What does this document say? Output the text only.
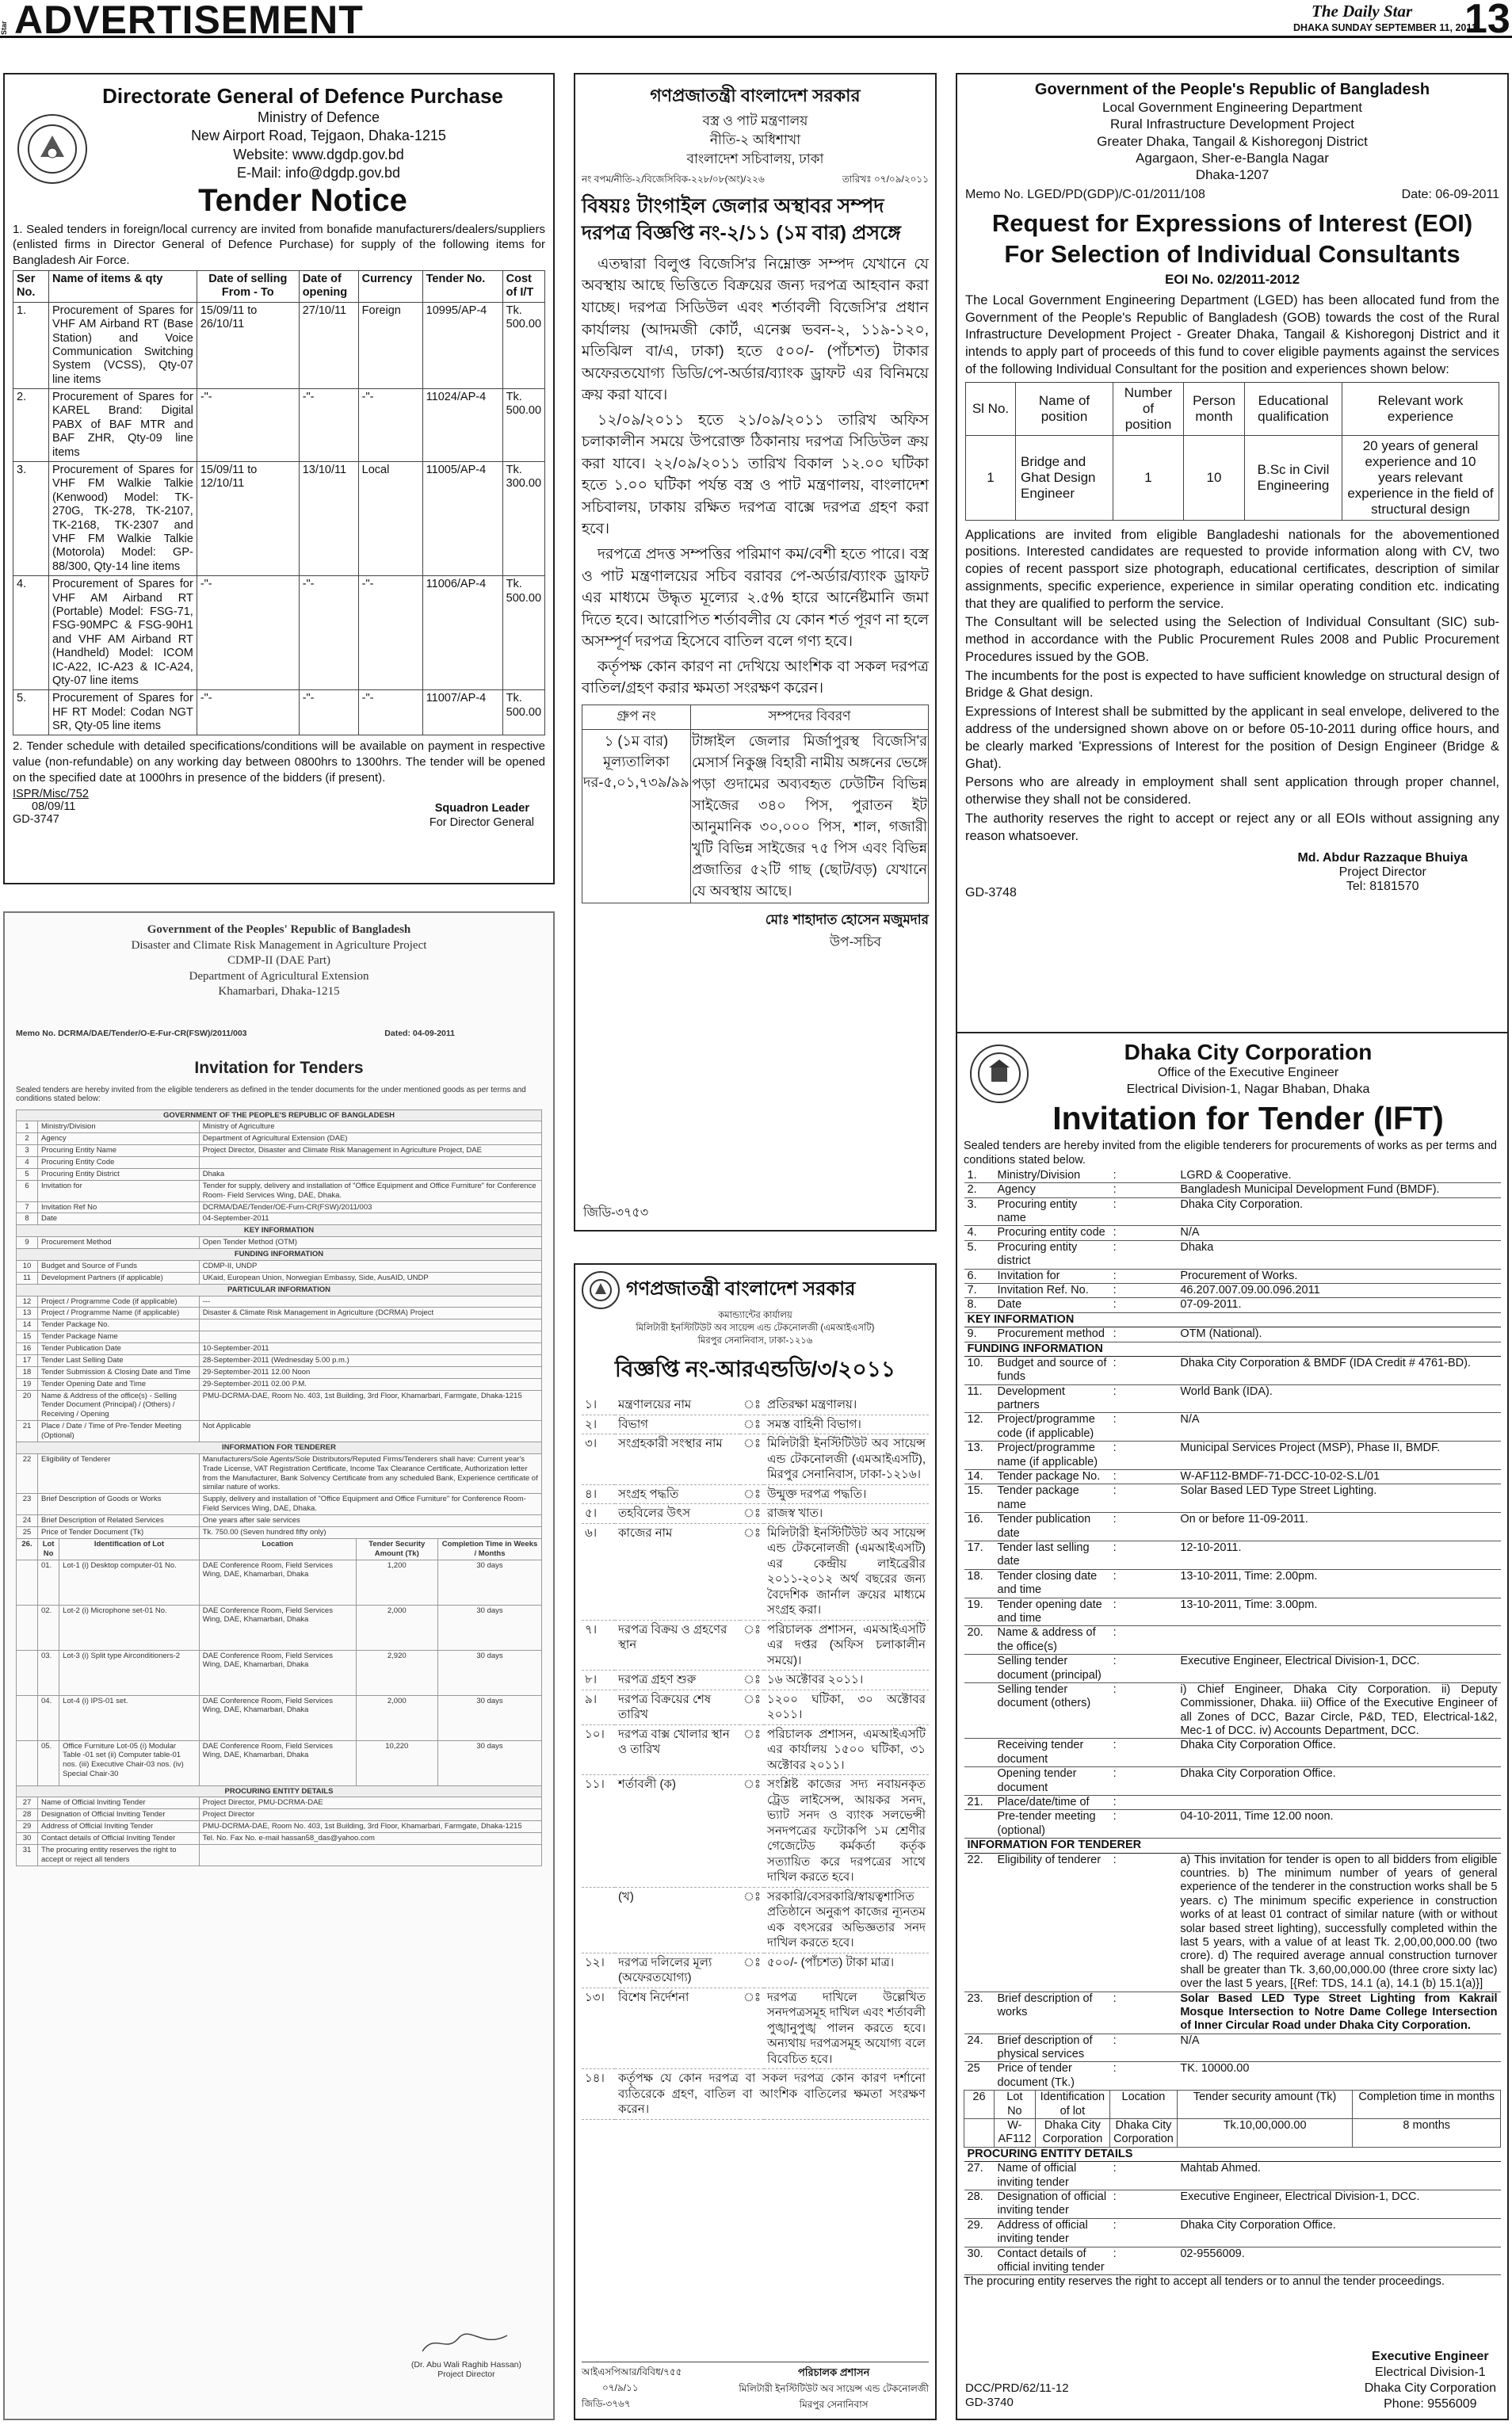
Star ADVERTISEMENT	The Daily Star
DHAKA SUNDAY SEPTEMBER 11, 2011
13
Directorate General of Defence Purchase
Ministry of Defence
New Airport Road, Tejgaon, Dhaka-1215
Website: www.dgdp.gov.bd
E-Mail: info@dgdp.gov.bd
Tender Notice

1. Sealed tenders in foreign/local currency are invited from bonafide manufacturers/dealers/suppliers (enlisted firms in Director General of Defence Purchase) for supply of the following items for Bangladesh Air Force.

Ser No.	Name of items & qty	Date of selling From - To	Date of opening	Currency	Tender No.	Cost of I/T
1.	Procurement of Spares for VHF AM Airband RT (Base Station) and Voice Communication Switching System (VCSS), Qty-07 line items	15/09/11 to 26/10/11	27/10/11	Foreign	10995/AP-4	Tk. 500.00
2.	Procurement of Spares for KAREL Brand: Digital PABX of BAF MTR and BAF ZHR, Qty-09 line items	-"-	-"-	-"-	11024/AP-4	Tk. 500.00
3.	Procurement of Spares for VHF FM Walkie Talkie (Kenwood) Model: TK-270G, TK-278, TK-2107, TK-2168, TK-2307 and VHF FM Walkie Talkie (Motorola) Model: GP-88/300, Qty-14 line items	15/09/11 to 12/10/11	13/10/11	Local	11005/AP-4	Tk. 300.00
4.	Procurement of Spares for VHF AM Airband RT (Portable) Model: FSG-71, FSG-90MPC & FSG-90H1 and VHF AM Airband RT (Handheld) Model: ICOM IC-A22, IC-A23 & IC-A24, Qty-07 line items	-"-	-"-	-"-	11006/AP-4	Tk. 500.00
5.	Procurement of Spares for HF RT Model: Codan NGT SR, Qty-05 line items	-"-	-"-	-"-	11007/AP-4	Tk. 500.00

2. Tender schedule with detailed specifications/conditions will be available on payment in respective value (non-refundable) on any working day between 0800hrs to 1300hrs. The tender will be opened on the specified date at 1000hrs in presence of the bidders (if present).

ISPR/Misc/752
08/09/11
GD-3747
Squadron Leader
For Director General
Government of the Peoples' Republic of Bangladesh
Disaster and Climate Risk Management in Agriculture Project
CDMP-II (DAE Part)
Department of Agricultural Extension
Khamarbari, Dhaka-1215
Memo No. DCRMA/DAE/Tender/O-E-Fur-CR(FSW)/2011/003	Dated: 04-09-2011
Invitation for Tenders
Sealed tenders are hereby invited from the eligible tenderers as defined in the tender documents for the under mentioned goods as per terms and conditions stated below:
GOVERNMENT OF THE PEOPLE'S REPUBLIC OF BANGLADESH					
1	Ministry/Division		Ministry of Agriculture		
2	Agency		Department of Agricultural Extension (DAE)		
3	Procuring Entity Name		Project Director, Disaster and Climate Risk Management in Agriculture Project, DAE		
4	Procuring Entity Code				
5	Procuring Entity District		Dhaka		
6	Invitation for		Tender for supply, delivery and installation of "Office Equipment and Office Furniture" for Conference Room- Field Services Wing, DAE, Dhaka.		
7	Invitation Ref No		DCRMA/DAE/Tender/OE-Furn-CR(FSW)/2011/003		
8	Date		04-September-2011		
KEY INFORMATION					
9	Procurement Method		Open Tender Method (OTM)		
FUNDING INFORMATION					
10	Budget and Source of Funds		CDMP-II, UNDP		
11	Development Partners (if applicable)		UKaid, European Union, Norwegian Embassy, Side, AusAID, UNDP		
PARTICULAR INFORMATION					
12	Project / Programme Code (if applicable)		---		
13	Project / Programme Name (if applicable)		Disaster & Climate Risk Management in Agriculture (DCRMA) Project		
14	Tender Package No.				
15	Tender Package Name				
16	Tender Publication Date		10-September-2011		
17	Tender Last Selling Date		28-September-2011 (Wednesday 5.00 p.m.)		
18	Tender Submission & Closing Date and Time		29-September-2011 12.00 Noon		
19	Tender Opening Date and Time		29-September-2011 02.00 P.M.		
20	Name & Address of the office(s) - Selling Tender Document (Principal) / (Others) / Receiving / Opening		PMU-DCRMA-DAE, Room No. 403, 1st Building, 3rd Floor, Khamarbari, Farmgate, Dhaka-1215		
21	Place / Date / Time of Pre-Tender Meeting (Optional)		Not Applicable		
INFORMATION FOR TENDERER					
22	Eligibility of Tenderer		Manufacturers/Sole Agents/Sole Distributors/Reputed Firms/Tenderers shall have: Current year's Trade License, VAT Registration Certificate, Income Tax Clearance Certificate, Authorization letter from the Manufacturer, Bank Solvency Certificate from any scheduled Bank, Experience certificate of similar nature of works.		
23	Brief Description of Goods or Works		Supply, delivery and installation of "Office Equipment and Office Furniture" for Conference Room-Field Services Wing, DAE, Dhaka.		
24	Brief Description of Related Services		One years after sale services		
25	Price of Tender Document (Tk)		Tk. 750.00 (Seven hundred fifty only)		
26.	Lot No	Identification of Lot	Location	Tender Security Amount (Tk)	Completion Time in Weeks / Months
	01.	Lot-1 (i) Desktop computer-01 No.	DAE Conference Room, Field Services Wing, DAE, Khamarbari, Dhaka	1,200	30 days
	02.	Lot-2 (i) Microphone set-01 No.	DAE Conference Room, Field Services Wing, DAE, Khamarbari, Dhaka	2,000	30 days
	03.	Lot-3 (i) Split type Airconditioners-2	DAE Conference Room, Field Services Wing, DAE, Khamarbari, Dhaka	2,920	30 days
	04.	Lot-4 (i) IPS-01 set.	DAE Conference Room, Field Services Wing, DAE, Khamarbari, Dhaka	2,000	30 days
	05.	Office Furniture Lot-05 (i) Modular Table -01 set (ii) Computer table-01 nos. (iii) Executive Chair-03 nos. (iv) Special Chair-30	DAE Conference Room, Field Services Wing, DAE, Khamarbari, Dhaka	10,220	30 days
PROCURING ENTITY DETAILS					
27	Name of Official Inviting Tender		Project Director, PMU-DCRMA-DAE		
28	Designation of Official Inviting Tender		Project Director		
29	Address of Official Inviting Tender		PMU-DCRMA-DAE, Room No. 403, 1st Building, 3rd Floor, Khamarbari, Farmgate, Dhaka-1215		
30	Contact details of Official Inviting Tender		Tel. No. Fax No. e-mail hassan58_das@yahoo.com		
31	The procuring entity reserves the right to accept or reject all tenders				
(Dr. Abu Wali Raghib Hassan)
Project Director
গণপ্রজাতন্ত্রী বাংলাদেশ সরকার
বস্ত্র ও পাট মন্ত্রণালয়
নীতি-২ অধিশাখা
বাংলাদেশ সচিবালয়, ঢাকা
নং বপম/নীতি-২/বিজেসিবিক-২২৮/০৮(অং)/২২৬	তারিখঃ ০৭/০৯/২০১১
বিষয়ঃ টাংগাইল জেলার অস্থাবর সম্পদ দরপত্র বিজ্ঞপ্তি নং-২/১১ (১ম বার) প্রসঙ্গে

এতদ্বারা বিলুপ্ত বিজেসি'র নিম্নোক্ত সম্পদ যেখানে যে অবস্থায় আছে ভিত্তিতে বিক্রয়ের জন্য দরপত্র আহবান করা যাচ্ছে। দরপত্র সিডিউল এবং শর্তাবলী বিজেসি'র প্রধান কার্যালয় (আদমজী কোর্ট, এনেক্স ভবন-২, ১১৯-১২০, মতিঝিল বা/এ, ঢাকা) হতে ৫০০/- (পাঁচশত) টাকার অফেরতযোগ্য ডিডি/পে-অর্ডার/ব্যাংক ড্রাফট এর বিনিময়ে ক্রয় করা যাবে।

১২/০৯/২০১১ হতে ২১/০৯/২০১১ তারিখ অফিস চলাকালীন সময়ে উপরোক্ত ঠিকানায় দরপত্র সিডিউল ক্রয় করা যাবে। ২২/০৯/২০১১ তারিখ বিকাল ১২.০০ ঘটিকা হতে ১.০০ ঘটিকা পর্যন্ত বস্ত্র ও পাট মন্ত্রণালয়, বাংলাদেশ সচিবালয়, ঢাকায় রক্ষিত দরপত্র বাক্সে দরপত্র গ্রহণ করা হবে।

দরপত্রে প্রদত্ত সম্পত্তির পরিমাণ কম/বেশী হতে পারে। বস্ত্র ও পাট মন্ত্রণালয়ের সচিব বরাবর পে-অর্ডার/ব্যাংক ড্রাফট এর মাধ্যমে উদ্ধৃত মূল্যের ২.৫% হারে আর্নেষ্টমানি জমা দিতে হবে। আরোপিত শর্তাবলীর যে কোন শর্ত পূরণ না হলে অসম্পূর্ণ দরপত্র হিসেবে বাতিল বলে গণ্য হবে।

কর্তৃপক্ষ কোন কারণ না দেখিয়ে আংশিক বা সকল দরপত্র বাতিল/গ্রহণ করার ক্ষমতা সংরক্ষণ করেন।

গ্রুপ নং	সম্পদের বিবরণ
১ (১ম বার) মূল্যতালিকা দর-৫,০১,৭৩৯/৯৯	টাঙ্গাইল জেলার মির্জাপুরস্থ বিজেসি'র মেসার্স নিকুঞ্জ বিহারী নামীয় অঙ্গনের ভেঙ্গে পড়া গুদামের অব্যবহৃত ঢেউটিন বিভিন্ন সাইজের ৩৪০ পিস, পুরাতন ইট আনুমানিক ৩০,০০০ পিস, শাল, গজারী খুটি বিভিন্ন সাইজের ৭৫ পিস এবং বিভিন্ন প্রজাতির ৫২টি গাছ (ছোট/বড়) যেখানে যে অবস্থায় আছে।
মোঃ শাহাদাত হোসেন মজুমদার
উপ-সচিব
জিডি-৩৭৫৩
গণপ্রজাতন্ত্রী বাংলাদেশ সরকার
কমান্ড্যান্টের কার্যালয়
মিলিটারী ইনস্টিটিউট অব সায়েন্স এন্ড টেকনোলজী (এমআইএসটি)
মিরপুর সেনানিবাস, ঢাকা-১২১৬
বিজ্ঞপ্তি নং-আরএন্ডডি/৩/২০১১
১।	মন্ত্রণালয়ের নাম	ঃ	প্রতিরক্ষা মন্ত্রণালয়।
২।	বিভাগ	ঃ	সমস্ত বাহিনী বিভাগ।
৩।	সংগ্রহকারী সংস্থার নাম	ঃ	মিলিটারী ইনস্টিটিউট অব সায়েন্স এন্ড টেকনোলজী (এমআইএসটি), মিরপুর সেনানিবাস, ঢাকা-১২১৬।
৪।	সংগ্রহ পদ্ধতি	ঃ	উন্মুক্ত দরপত্র পদ্ধতি।
৫।	তহবিলের উৎস	ঃ	রাজস্ব খাত।
৬।	কাজের নাম	ঃ	মিলিটারী ইনস্টিটিউট অব সায়েন্স এন্ড টেকনোলজী (এমআইএসটি) এর কেন্দ্রীয় লাইব্রেরীর ২০১১-২০১২ অর্থ বছরের জন্য বৈদেশিক জার্নাল ক্রয়ের মাধ্যমে সংগ্রহ করা।
৭।	দরপত্র বিক্রয় ও গ্রহণের স্থান	ঃ	পরিচালক প্রশাসন, এমআইএসটি এর দপ্তর (অফিস চলাকালীন সময়ে)।
৮।	দরপত্র গ্রহণ শুরু	ঃ	১৬ অক্টোবর ২০১১।
৯।	দরপত্র বিক্রয়ের শেষ তারিখ	ঃ	১২০০ ঘটিকা, ৩০ অক্টোবর ২০১১।
১০।	দরপত্র বাক্স খোলার স্থান ও তারিখ	ঃ	পরিচালক প্রশাসন, এমআইএসটি এর কার্যালয় ১৫০০ ঘটিকা, ৩১ অক্টোবর ২০১১।
১১।	শর্তাবলী (ক)	ঃ	সংশ্লিষ্ট কাজের সদ্য নবায়নকৃত ট্রেড লাইসেন্স, আয়কর সনদ, ভ্যাট সনদ ও ব্যাংক সলভেন্সী সনদপত্রের ফটোকপি ১ম শ্রেণীর গেজেটেড কর্মকর্তা কর্তৃক সত্যায়িত করে দরপত্রের সাথে দাখিল করতে হবে।
	(খ)	ঃ	সরকারি/বেসরকারি/স্বায়ত্বশাসিত প্রতিষ্ঠানে অনুরূপ কাজের ন্যূনতম এক বৎসরের অভিজ্ঞতার সনদ দাখিল করতে হবে।
১২।	দরপত্র দলিলের মূল্য (অফেরতযোগ্য)	ঃ	৫০০/- (পাঁচশত) টাকা মাত্র।
১৩।	বিশেষ নির্দেশনা	ঃ	দরপত্র দাখিলে উল্লেখিত সনদপত্রসমূহ দাখিল এবং শর্তাবলী পুঙ্খানুপুঙ্খ পালন করতে হবে। অন্যথায় দরপত্রসমূহ অযোগ্য বলে বিবেচিত হবে।
১৪।	কর্তৃপক্ষ যে কোন দরপত্র বা সকল দরপত্র কোন কারণ দর্শানো ব্যতিরেকে গ্রহণ, বাতিল বা আংশিক বাতিলের ক্ষমতা সংরক্ষণ করেন।		
আইএসপিআর/বিবিধ/৭৫৫
০৭/৯/১১
জিডি-৩৭৬৭
পরিচালক প্রশাসন
মিলিটারী ইনস্টিটিউট অব সায়েন্স এন্ড টেকনোলজী
মিরপুর সেনানিবাস
Government of the People's Republic of Bangladesh
Local Government Engineering Department
Rural Infrastructure Development Project
Greater Dhaka, Tangail & Kishoregonj District
Agargaon, Sher-e-Bangla Nagar
Dhaka-1207
Memo No. LGED/PD(GDP)/C-01/2011/108	Date: 06-09-2011
Request for Expressions of Interest (EOI)
For Selection of Individual Consultants
EOI No. 02/2011-2012

The Local Government Engineering Department (LGED) has been allocated fund from the Government of the People's Republic of Bangladesh (GOB) towards the cost of the Rural Infrastructure Development Project - Greater Dhaka, Tangail & Kishoregonj District and it intends to apply part of proceeds of this fund to cover eligible payments against the services of the following Individual Consultant for the position and experiences shown below:

Sl No.	Name of position	Number of position	Person month	Educational qualification	Relevant work experience
1	Bridge and Ghat Design Engineer	1	10	B.Sc in Civil Engineering	20 years of general experience and 10 years relevant experience in the field of structural design

Applications are invited from eligible Bangladeshi nationals for the abovementioned positions. Interested candidates are requested to provide information along with CV, two copies of recent passport size photograph, educational certificates, description of similar assignments, specific experience, experience in similar operating condition etc. indicating that they are qualified to perform the service.

The Consultant will be selected using the Selection of Individual Consultant (SIC) sub-method in accordance with the Public Procurement Rules 2008 and Public Procurement Procedures issued by the GOB.

The incumbents for the post is expected to have sufficient knowledge on structural design of Bridge & Ghat design.

Expressions of Interest shall be submitted by the applicant in seal envelope, delivered to the address of the undersigned shown above on or before 05-10-2011 during office hours, and be clearly marked 'Expressions of Interest for the position of Design Engineer (Bridge & Ghat).

Persons who are already in employment shall sent application through proper channel, otherwise they shall not be considered.

The authority reserves the right to accept or reject any or all EOIs without assigning any reason whatsoever.

Md. Abdur Razzaque Bhuiya
Project Director
Tel: 8181570
GD-3748
Dhaka City Corporation
Office of the Executive Engineer
Electrical Division-1, Nagar Bhaban, Dhaka
Invitation for Tender (IFT)
Sealed tenders are hereby invited from the eligible tenderers for procurements of works as per terms and conditions stated below.
1.	Ministry/Division		:	LGRD & Cooperative.	
2.	Agency		:	Bangladesh Municipal Development Fund (BMDF).	
3.	Procuring entity name		:	Dhaka City Corporation.	
4.	Procuring entity code		:	N/A	
5.	Procuring entity district		:	Dhaka	
6.	Invitation for		:	Procurement of Works.	
7.	Invitation Ref. No.		:	46.207.007.09.00.096.2011	
8.	Date		:	07-09-2011.	
KEY INFORMATION					
9.	Procurement method		:	OTM (National).	
FUNDING INFORMATION					
10.	Budget and source of funds		:	Dhaka City Corporation & BMDF (IDA Credit # 4761-BD).	
11.	Development partners		:	World Bank (IDA).	
12.	Project/programme code (if applicable)		:	N/A	
13.	Project/programme name (if applicable)		:	Municipal Services Project (MSP), Phase II, BMDF.	
14.	Tender package No.		:	W-AF112-BMDF-71-DCC-10-02-S.L/01	
15.	Tender package name		:	Solar Based LED Type Street Lighting.	
16.	Tender publication date		:	On or before 11-09-2011.	
17.	Tender last selling date		:	12-10-2011.	
18.	Tender closing date and time		:	13-10-2011, Time: 2.00pm.	
19.	Tender opening date and time		:	13-10-2011, Time: 3.00pm.	
20.	Name & address of the office(s)		:		
	Selling tender document (principal)		:	Executive Engineer, Electrical Division-1, DCC.	
	Selling tender document (others)		:	i) Chief Engineer, Dhaka City Corporation. ii) Deputy Commissioner, Dhaka. iii) Office of the Executive Engineer of all Zones of DCC, Bazar Circle, P&D, TED, Electrical-1&2, Mec-1 of DCC. iv) Accounts Department, DCC.	
	Receiving tender document		:	Dhaka City Corporation Office.	
	Opening tender document		:	Dhaka City Corporation Office.	
21.	Place/date/time of		:		
	Pre-tender meeting (optional)		:	04-10-2011, Time 12.00 noon.	
INFORMATION FOR TENDERER					
22.	Eligibility of tenderer		:	a) This invitation for tender is open to all bidders from eligible countries. b) The minimum number of years of general experience of the tenderer in the construction works shall be 5 years. c) The minimum specific experience in construction works of at least 01 contract of similar nature (with or without solar based street lighting), successfully completed within the last 5 years, with a value of at least Tk. 2,00,00,000.00 (two crore). d) The required average annual construction turnover shall be greater than Tk. 3,60,00,000.00 (three crore sixty lac) over the last 5 years, [{Ref: TDS, 14.1 (a), 14.1 (b) 15.1(a)}]	
23.	Brief description of works		:	Solar Based LED Type Street Lighting from Kakrail Mosque Intersection to Notre Dame College Intersection of Inner Circular Road under Dhaka City Corporation.	
24.	Brief description of physical services		:	N/A	
25	Price of tender document (Tk.)		:	TK. 10000.00	
26	Lot No	Identification of lot	Location	Tender security amount (Tk)	Completion time in months
	W-AF112	Dhaka City Corporation	Dhaka City Corporation	Tk.10,00,000.00	8 months
PROCURING ENTITY DETAILS					
27.	Name of official inviting tender		:	Mahtab Ahmed.	
28.	Designation of official inviting tender		:	Executive Engineer, Electrical Division-1, DCC.	
29.	Address of official inviting tender		:	Dhaka City Corporation Office.	
30.	Contact details of official inviting tender		:	02-9556009.	
The procuring entity reserves the right to accept all tenders or to annul the tender proceedings.
Executive Engineer
Electrical Division-1
Dhaka City Corporation
Phone: 9556009
DCC/PRD/62/11-12
GD-3740
